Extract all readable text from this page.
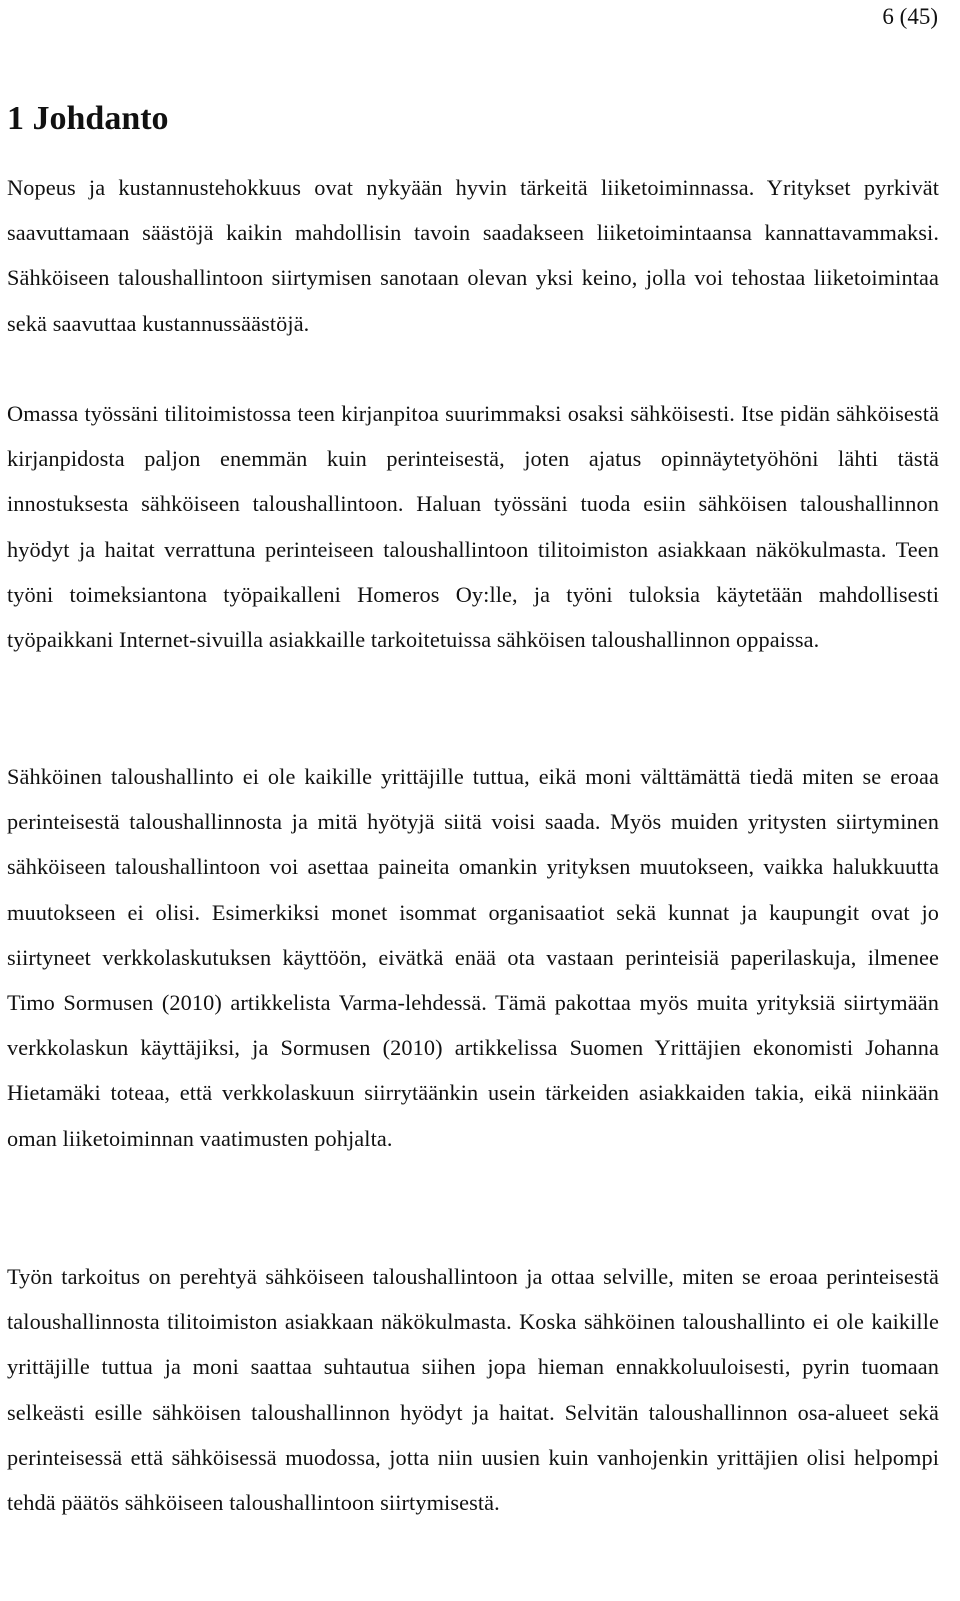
6 (45)
1 Johdanto

Nopeus ja kustannustehokkuus ovat nykyään hyvin tärkeitä liiketoiminnassa. Yritykset pyrkivät saavuttamaan säästöjä kaikin mahdollisin tavoin saadakseen liiketoimintaansa kannattavammaksi. Sähköiseen taloushallintoon siirtymisen sanotaan olevan yksi keino, jolla voi tehostaa liiketoimintaa sekä saavuttaa kustannussäästöjä.

Omassa työssäni tilitoimistossa teen kirjanpitoa suurimmaksi osaksi sähköisesti. Itse pidän sähköisestä kirjanpidosta paljon enemmän kuin perinteisestä, joten ajatus opinnäytetyöhöni lähti tästä innostuksesta sähköiseen taloushallintoon. Haluan työssäni tuoda esiin sähköisen taloushallinnon hyödyt ja haitat verrattuna perinteiseen taloushallintoon tilitoimiston asiakkaan näkökulmasta. Teen työni toimeksiantona työpaikalleni Homeros Oy:lle, ja työni tuloksia käytetään mahdollisesti työpaikkani Internet-sivuilla asiakkaille tarkoitetuissa sähköisen taloushallinnon oppaissa.

Sähköinen taloushallinto ei ole kaikille yrittäjille tuttua, eikä moni välttämättä tiedä miten se eroaa perinteisestä taloushallinnosta ja mitä hyötyjä siitä voisi saada. Myös muiden yritysten siirtyminen sähköiseen taloushallintoon voi asettaa paineita omankin yrityksen muutokseen, vaikka halukkuutta muutokseen ei olisi. Esimerkiksi monet isommat organisaatiot sekä kunnat ja kaupungit ovat jo siirtyneet verkkolaskutuksen käyttöön, eivätkä enää ota vastaan perinteisiä paperilaskuja, ilmenee Timo Sormusen (2010) artikkelista Varma-lehdessä. Tämä pakottaa myös muita yrityksiä siirtymään verkkolaskun käyttäjiksi, ja Sormusen (2010) artikkelissa Suomen Yrittäjien ekonomisti Johanna Hietamäki toteaa, että verkkolaskuun siirrytäänkin usein tärkeiden asiakkaiden takia, eikä niinkään oman liiketoiminnan vaatimusten pohjalta.

Työn tarkoitus on perehtyä sähköiseen taloushallintoon ja ottaa selville, miten se eroaa perinteisestä taloushallinnosta tilitoimiston asiakkaan näkökulmasta. Koska sähköinen taloushallinto ei ole kaikille yrittäjille tuttua ja moni saattaa suhtautua siihen jopa hieman ennakkoluuloisesti, pyrin tuomaan selkeästi esille sähköisen taloushallinnon hyödyt ja haitat. Selvitän taloushallinnon osa-alueet sekä perinteisessä että sähköisessä muodossa, jotta niin uusien kuin vanhojenkin yrittäjien olisi helpompi tehdä päätös sähköiseen taloushallintoon siirtymisestä.
